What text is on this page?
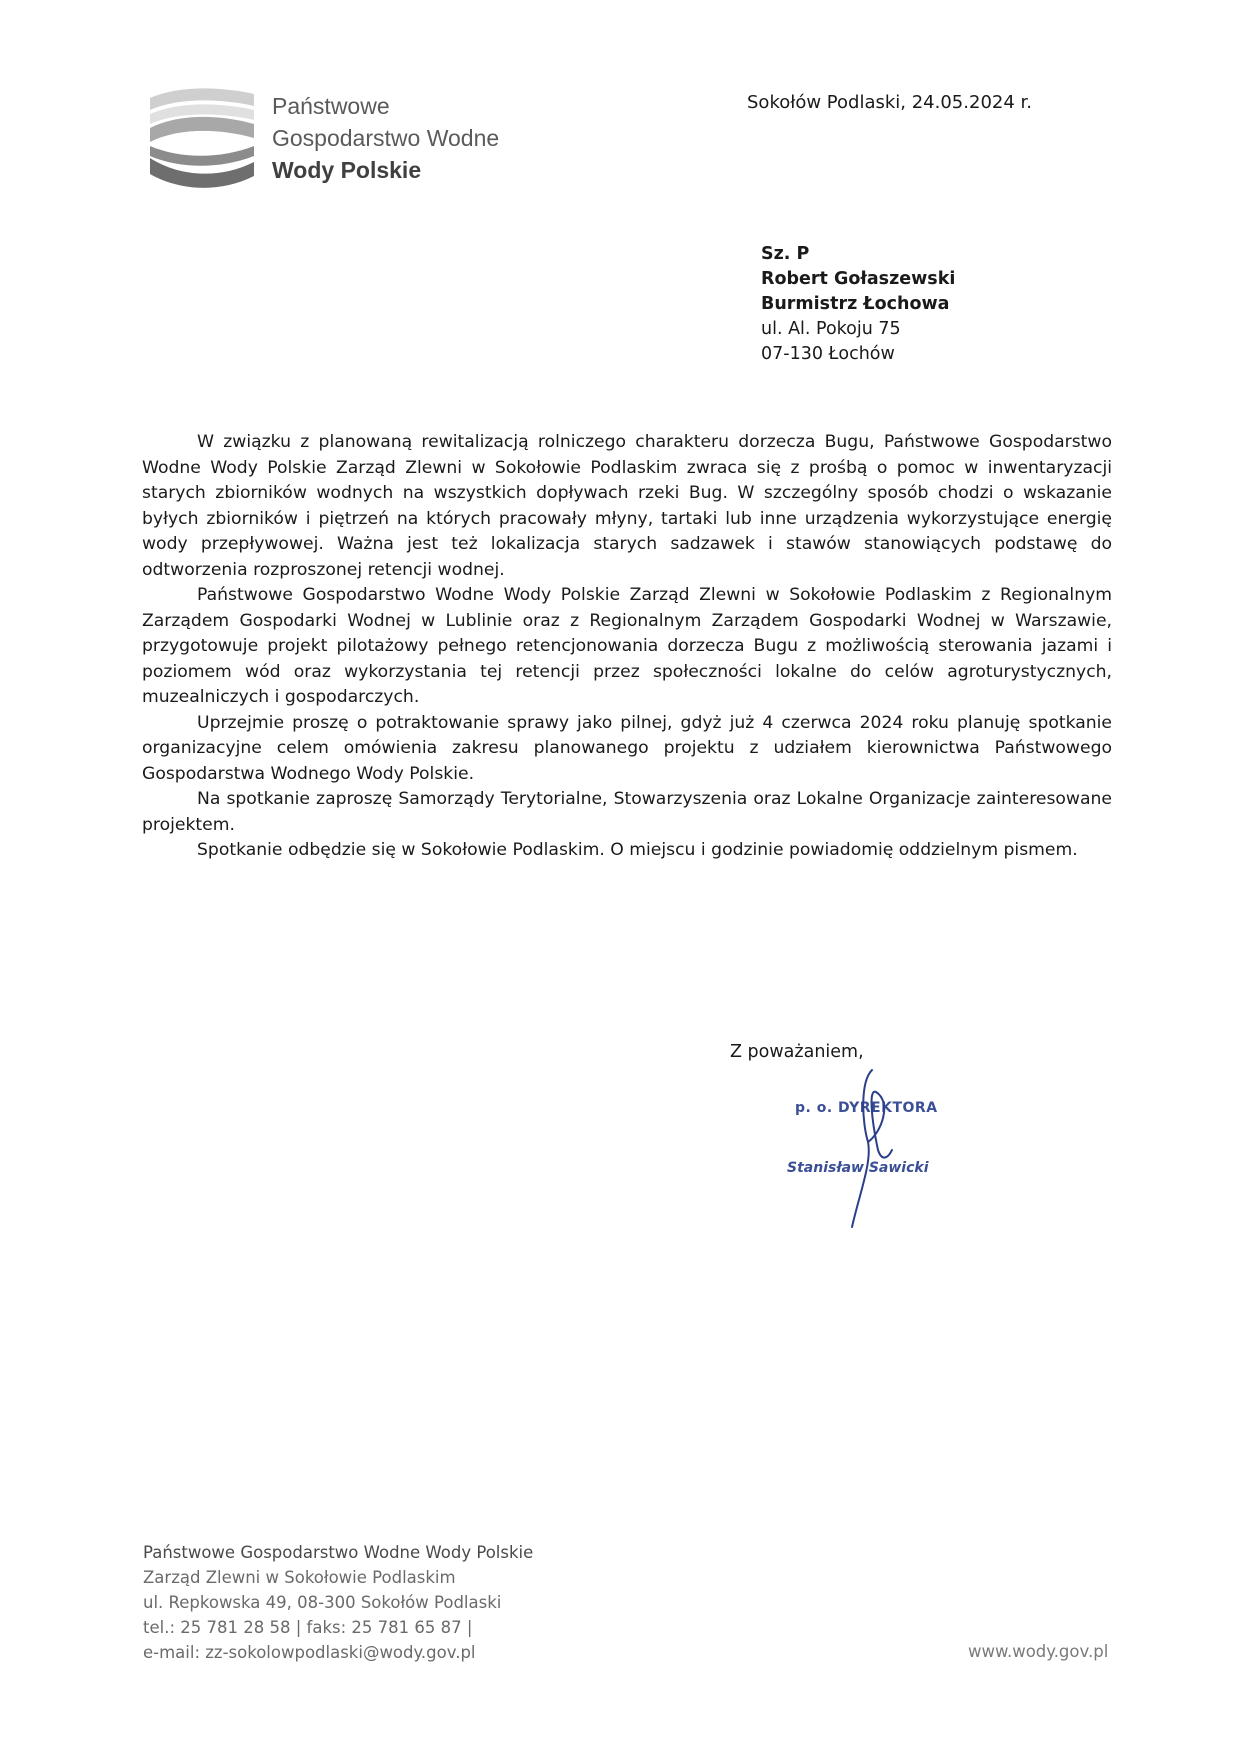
Państwowe
Gospodarstwo Wodne
Wody Polskie
Sokołów Podlaski, 24.05.2024 r.
Sz. P
Robert Gołaszewski
Burmistrz Łochowa
ul. Al. Pokoju 75
07-130 Łochów

W związku z planowaną rewitalizacją rolniczego charakteru dorzecza Bugu, Państwowe Gospodarstwo Wodne Wody Polskie Zarząd Zlewni w Sokołowie Podlaskim zwraca się z prośbą o pomoc w inwentaryzacji starych zbiorników wodnych na wszystkich dopływach rzeki Bug. W szczególny sposób chodzi o wskazanie byłych zbiorników i piętrzeń na których pracowały młyny, tartaki lub inne urządzenia wykorzystujące energię wody przepływowej. Ważna jest też lokalizacja starych sadzawek i stawów stanowiących podstawę do odtworzenia rozproszonej retencji wodnej.

Państwowe Gospodarstwo Wodne Wody Polskie Zarząd Zlewni w Sokołowie Podlaskim z Regionalnym Zarządem Gospodarki Wodnej w Lublinie oraz z Regionalnym Zarządem Gospodarki Wodnej w Warszawie, przygotowuje projekt pilotażowy pełnego retencjonowania dorzecza Bugu z możliwością sterowania jazami i poziomem wód oraz wykorzystania tej retencji przez społeczności lokalne do celów agroturystycznych, muzealniczych i gospodarczych.

Uprzejmie proszę o potraktowanie sprawy jako pilnej, gdyż już 4 czerwca 2024 roku planuję spotkanie organizacyjne celem omówienia zakresu planowanego projektu z udziałem kierownictwa Państwowego Gospodarstwa Wodnego Wody Polskie.

Na spotkanie zaproszę Samorządy Terytorialne, Stowarzyszenia oraz Lokalne Organizacje zainteresowane projektem.

Spotkanie odbędzie się w Sokołowie Podlaskim. O miejscu i godzinie powiadomię oddzielnym pismem.

Z poważaniem,
p. o. DYREKTORA
Stanisław Sawicki
Państwowe Gospodarstwo Wodne Wody Polskie
Zarząd Zlewni w Sokołowie Podlaskim
ul. Repkowska 49, 08-300 Sokołów Podlaski
tel.: 25 781 28 58 | faks: 25 781 65 87 |
e-mail: zz-sokolowpodlaski@wody.gov.pl	www.wody.gov.pl
